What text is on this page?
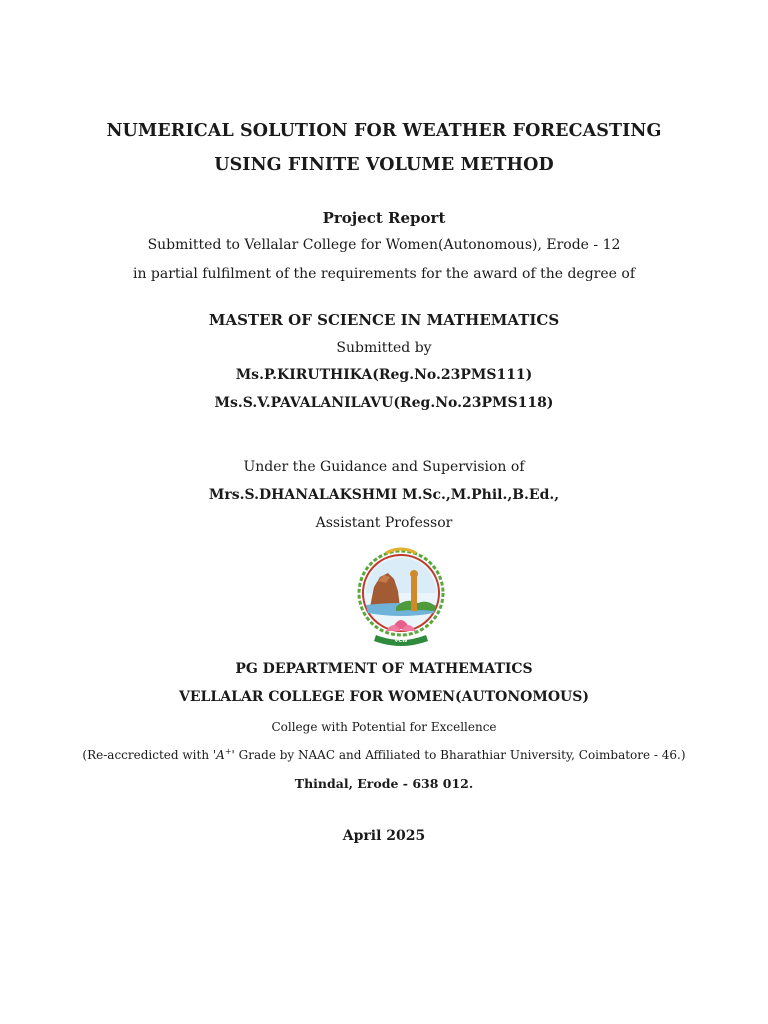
NUMERICAL SOLUTION FOR WEATHER FORECASTING
USING FINITE VOLUME METHOD
Project Report
Submitted to Vellalar College for Women(Autonomous), Erode - 12
in partial fulfilment of the requirements for the award of the degree of
MASTER OF SCIENCE IN MATHEMATICS
Submitted by
Ms.P.KIRUTHIKA(Reg.No.23PMS111)
Ms.S.V.PAVALANILAVU(Reg.No.23PMS118)
Under the Guidance and Supervision of
Mrs.S.DHANALAKSHMI M.Sc.,M.Phil.,B.Ed.,
Assistant Professor
VCW
PG DEPARTMENT OF MATHEMATICS
VELLALAR COLLEGE FOR WOMEN(AUTONOMOUS)
College with Potential for Excellence
(Re-accredicted with 'A+' Grade by NAAC and Affiliated to Bharathiar University, Coimbatore - 46.)
Thindal, Erode - 638 012.
April 2025
